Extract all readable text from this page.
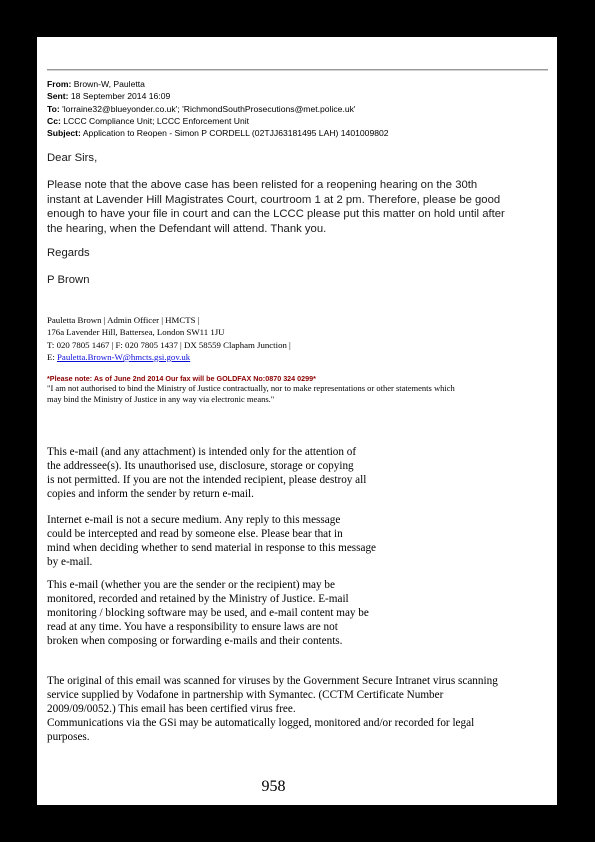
From: Brown-W, Pauletta
Sent: 18 September 2014 16:09
To: 'lorraine32@blueyonder.co.uk'; 'RichmondSouthProsecutions@met.police.uk'
Cc: LCCC Compliance Unit; LCCC Enforcement Unit
Subject: Application to Reopen - Simon P CORDELL (02TJJ63181495 LAH) 1401009802
Dear Sirs,
Please note that the above case has been relisted for a reopening hearing on the 30th
instant at Lavender Hill Magistrates Court, courtroom 1 at 2 pm. Therefore, please be good
enough to have your file in court and can the LCCC please put this matter on hold until after
the hearing, when the Defendant will attend. Thank you.
Regards
P Brown
Pauletta Brown | Admin Officer | HMCTS |
176a Lavender Hill, Battersea, London SW11 1JU
T: 020 7805 1467 | F: 020 7805 1437 | DX 58559 Clapham Junction |
E: Pauletta.Brown-W@hmcts.gsi.gov.uk
*Please note: As of June 2nd 2014 Our fax will be GOLDFAX No:0870 324 0299*
"I am not authorised to bind the Ministry of Justice contractually, nor to make representations or other statements which
may bind the Ministry of Justice in any way via electronic means."
This e-mail (and any attachment) is intended only for the attention of
the addressee(s). Its unauthorised use, disclosure, storage or copying
is not permitted. If you are not the intended recipient, please destroy all
copies and inform the sender by return e-mail.
Internet e-mail is not a secure medium. Any reply to this message
could be intercepted and read by someone else. Please bear that in
mind when deciding whether to send material in response to this message
by e-mail.
This e-mail (whether you are the sender or the recipient) may be
monitored, recorded and retained by the Ministry of Justice. E-mail
monitoring / blocking software may be used, and e-mail content may be
read at any time. You have a responsibility to ensure laws are not
broken when composing or forwarding e-mails and their contents.
The original of this email was scanned for viruses by the Government Secure Intranet virus scanning
service supplied by Vodafone in partnership with Symantec. (CCTM Certificate Number
2009/09/0052.) This email has been certified virus free.
Communications via the GSi may be automatically logged, monitored and/or recorded for legal
purposes.
958
